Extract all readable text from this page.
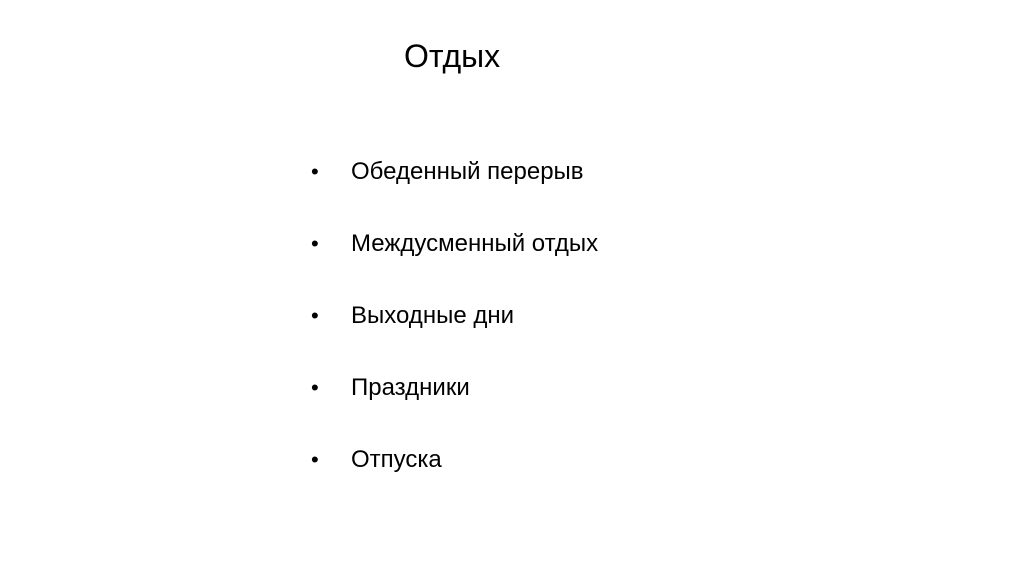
Отдых
• Обеденный перерыв
• Междусменный отдых
• Выходные дни
• Праздники
• Отпуска
